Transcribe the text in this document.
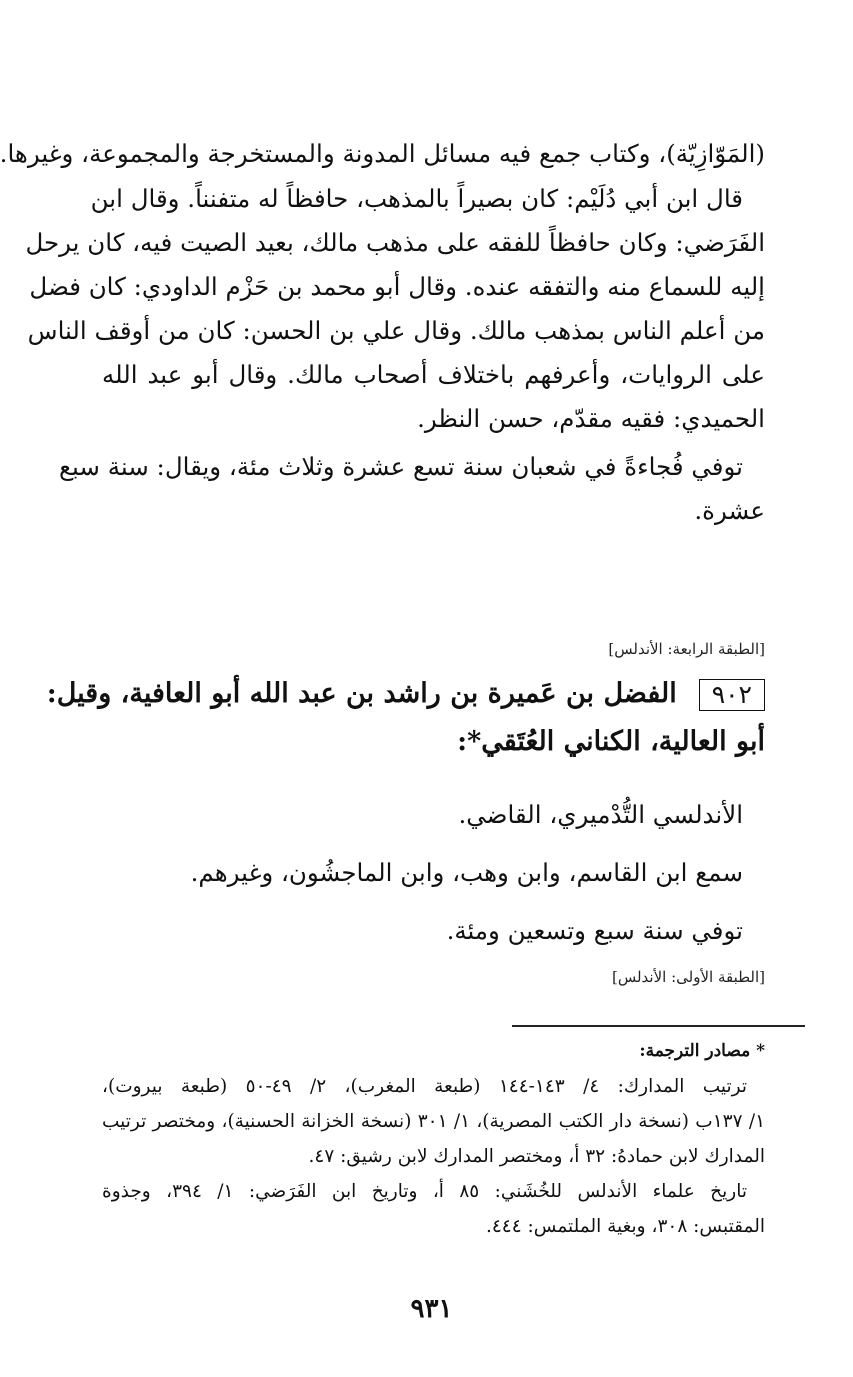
(المَوّازِيّة)، وكتاب جمع فيه مسائل المدونة والمستخرجة والمجموعة، وغيرها.
قال ابن أبي دُلَيْم: كان بصيراً بالمذهب، حافظاً له متفنناً. وقال ابن
الفَرَضي: وكان حافظاً للفقه على مذهب مالك، بعيد الصيت فيه، كان يرحل
إليه للسماع منه والتفقه عنده. وقال أبو محمد بن حَزْم الداودي: كان فضل
من أعلم الناس بمذهب مالك. وقال علي بن الحسن: كان من أوقف الناس
على الروايات، وأعرفهم باختلاف أصحاب مالك. وقال أبو عبد الله
الحميدي: فقيه مقدّم، حسن النظر.
توفي فُجاءةً في شعبان سنة تسع عشرة وثلاث مئة، ويقال: سنة سبع
عشرة.
[الطبقة الرابعة: الأندلس]
٩٠٢الفضل بن عَميرة بن راشد بن عبد الله أبو العافية، وقيل:
أبو العالية، الكناني العُتَقي*:
الأندلسي التُّدْميري، القاضي.
سمع ابن القاسم، وابن وهب، وابن الماجشُون، وغيرهم.
توفي سنة سبع وتسعين ومئة.
[الطبقة الأولى: الأندلس]
* مصادر الترجمة:
ترتيب المدارك: ٤/ ١٤٣-١٤٤ (طبعة المغرب)، ٢/ ٤٩-٥٠ (طبعة بيروت)،
١/ ١٣٧ب (نسخة دار الكتب المصرية)، ١/ ٣٠١ (نسخة الخزانة الحسنية)، ومختصر ترتيب
المدارك لابن حمادهُ: ٣٢ أ، ومختصر المدارك لابن رشيق: ٤٧.
تاريخ علماء الأندلس للخُشَني: ٨٥ أ، وتاريخ ابن الفَرَضي: ١/ ٣٩٤، وجذوة
المقتبس: ٣٠٨، وبغية الملتمس: ٤٤٤.
٩٣١
